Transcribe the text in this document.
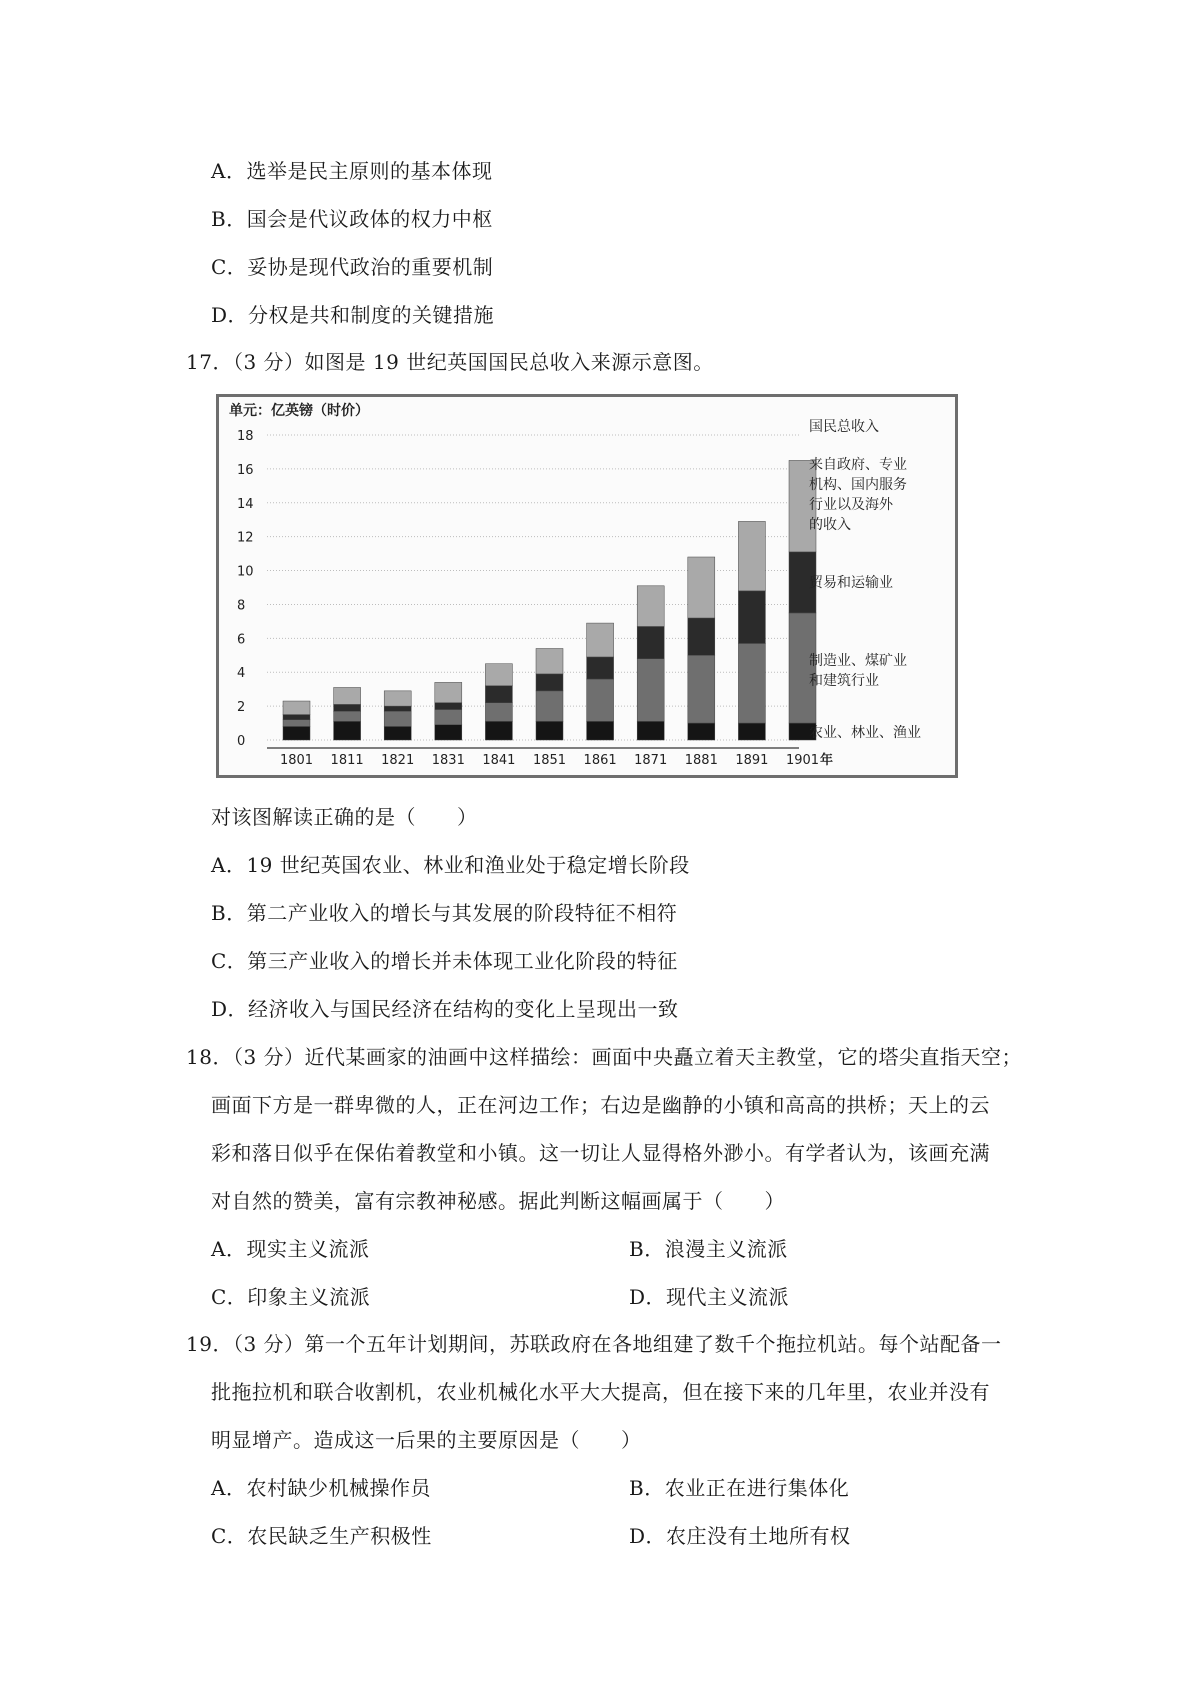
A．选举是民主原则的基本体现
B．国会是代议政体的权力中枢
C．妥协是现代政治的重要机制
D．分权是共和制度的关键措施
17．（3 分）如图是 19 世纪英国国民总收入来源示意图。
0
2
4
6
8
10
12
14
16
18
单元：亿英镑（时价）
1801 1811 1821 1831 1841 1851 1861 1871 1881 1891 1901 年
国民总收入
来自政府、专业
机构、国内服务
行业以及海外
的收入
贸易和运输业
制造业、煤矿业
和建筑行业
农业、林业、渔业
对该图解读正确的是（　　）
A．19 世纪英国农业、林业和渔业处于稳定增长阶段
B．第二产业收入的增长与其发展的阶段特征不相符
C．第三产业收入的增长并未体现工业化阶段的特征
D．经济收入与国民经济在结构的变化上呈现出一致
18．（3 分）近代某画家的油画中这样描绘：画面中央矗立着天主教堂，它的塔尖直指天空；
画面下方是一群卑微的人，正在河边工作；右边是幽静的小镇和高高的拱桥；天上的云
彩和落日似乎在保佑着教堂和小镇。这一切让人显得格外渺小。有学者认为，该画充满
对自然的赞美，富有宗教神秘感。据此判断这幅画属于（　　）
A．现实主义流派	B．浪漫主义流派
C．印象主义流派	D．现代主义流派
19．（3 分）第一个五年计划期间，苏联政府在各地组建了数千个拖拉机站。每个站配备一
批拖拉机和联合收割机，农业机械化水平大大提高，但在接下来的几年里，农业并没有
明显增产。造成这一后果的主要原因是（　　）
A．农村缺少机械操作员	B．农业正在进行集体化
C．农民缺乏生产积极性	D．农庄没有土地所有权
